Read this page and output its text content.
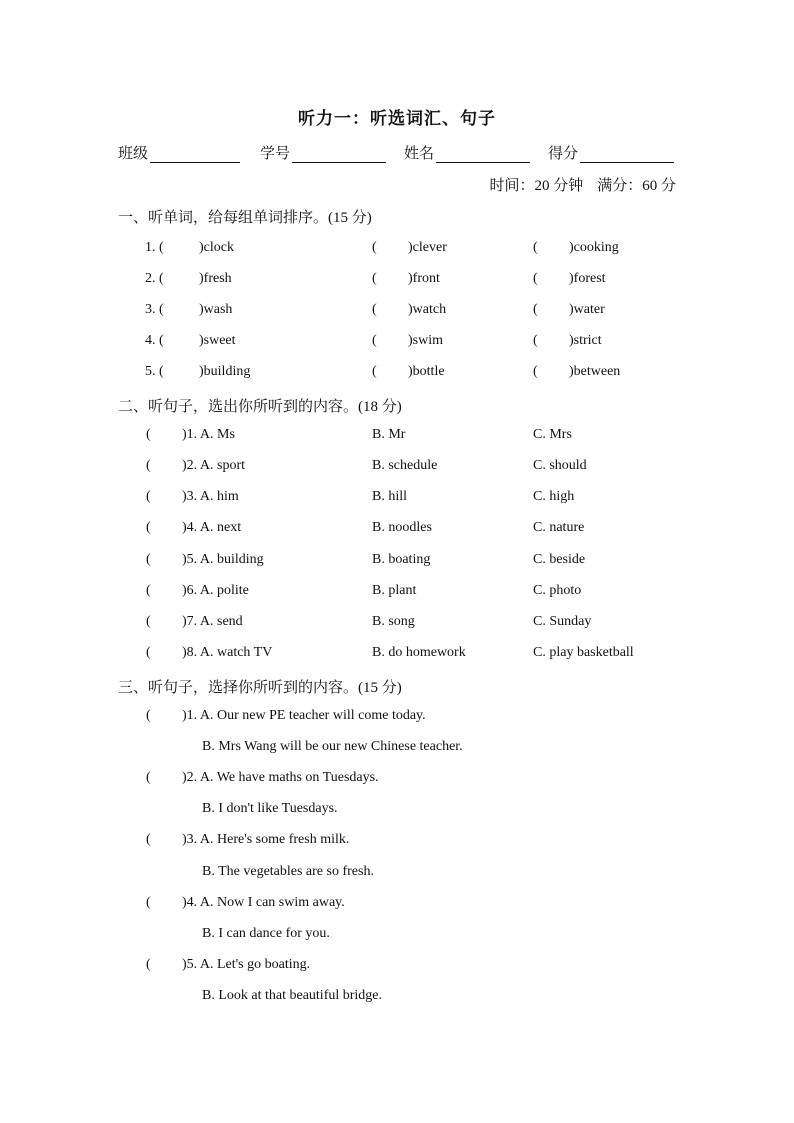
听力一：听选词汇、句子
班级	学号	姓名	得分
时间：20 分钟 满分：60 分
一、听单词，给每组单词排序。(15 分)
1. (	)clock	( )clever	( )cooking
2. (	)fresh	( )front	( )forest
3. (	)wash	( )watch	( )water
4. (	)sweet	( )swim	( )strict
5. (	)building	( )bottle	( )between
二、听句子，选出你所听到的内容。(18 分)
( )1. A. Ms	B. Mr	C. Mrs
( )2. A. sport	B. schedule	C. should
( )3. A. him	B. hill	C. high
( )4. A. next	B. noodles	C. nature
( )5. A. building	B. boating	C. beside
( )6. A. polite	B. plant	C. photo
( )7. A. send	B. song	C. Sunday
( )8. A. watch TV	B. do homework	C. play basketball
三、听句子，选择你所听到的内容。(15 分)
( )1. A. Our new PE teacher will come today.
B. Mrs Wang will be our new Chinese teacher.
( )2. A. We have maths on Tuesdays.
B. I don't like Tuesdays.
( )3. A. Here's some fresh milk.
B. The vegetables are so fresh.
( )4. A. Now I can swim away.
B. I can dance for you.
( )5. A. Let's go boating.
B. Look at that beautiful bridge.
